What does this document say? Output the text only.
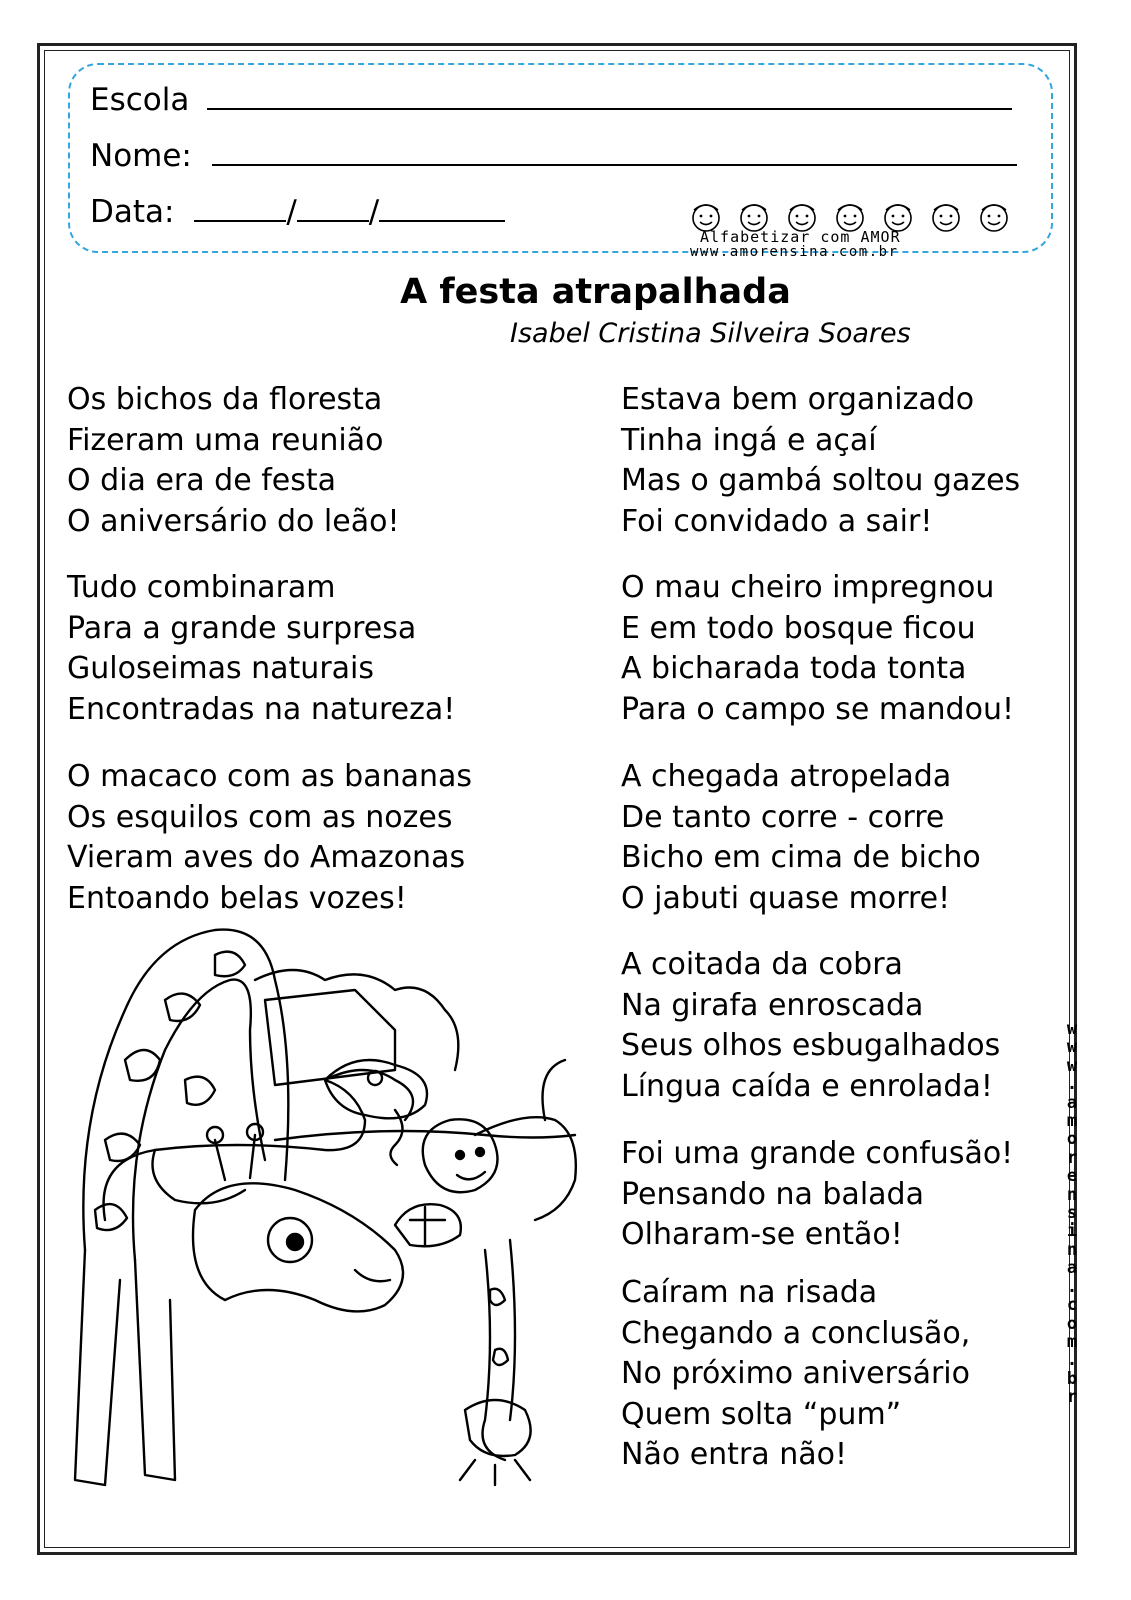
Escola
Nome:
Data:	/ /
Alfabetizar com AMOR
www.amorensina.com.br
A festa atrapalhada
Isabel Cristina Silveira Soares
Os bichos da floresta
Fizeram uma reunião
O dia era de festa
O aniversário do leão!
Tudo combinaram
Para a grande surpresa
Guloseimas naturais
Encontradas na natureza!
O macaco com as bananas
Os esquilos com as nozes
Vieram aves do Amazonas
Entoando belas vozes!
Estava bem organizado
Tinha ingá e açaí
Mas o gambá soltou gazes
Foi convidado a sair!
O mau cheiro impregnou
E em todo bosque ficou
A bicharada toda tonta
Para o campo se mandou!
A chegada atropelada
De tanto corre - corre
Bicho em cima de bicho
O jabuti quase morre!
A coitada da cobra
Na girafa enroscada
Seus olhos esbugalhados
Língua caída e enrolada!
Foi uma grande confusão!
Pensando na balada
Olharam-se então!
Caíram na risada
Chegando a conclusão,
No próximo aniversário
Quem solta “pum”
Não entra não!
w
w
w
.
a
m
o
r
e
n
s
i
n
a
.
c
o
m
.
b
r
